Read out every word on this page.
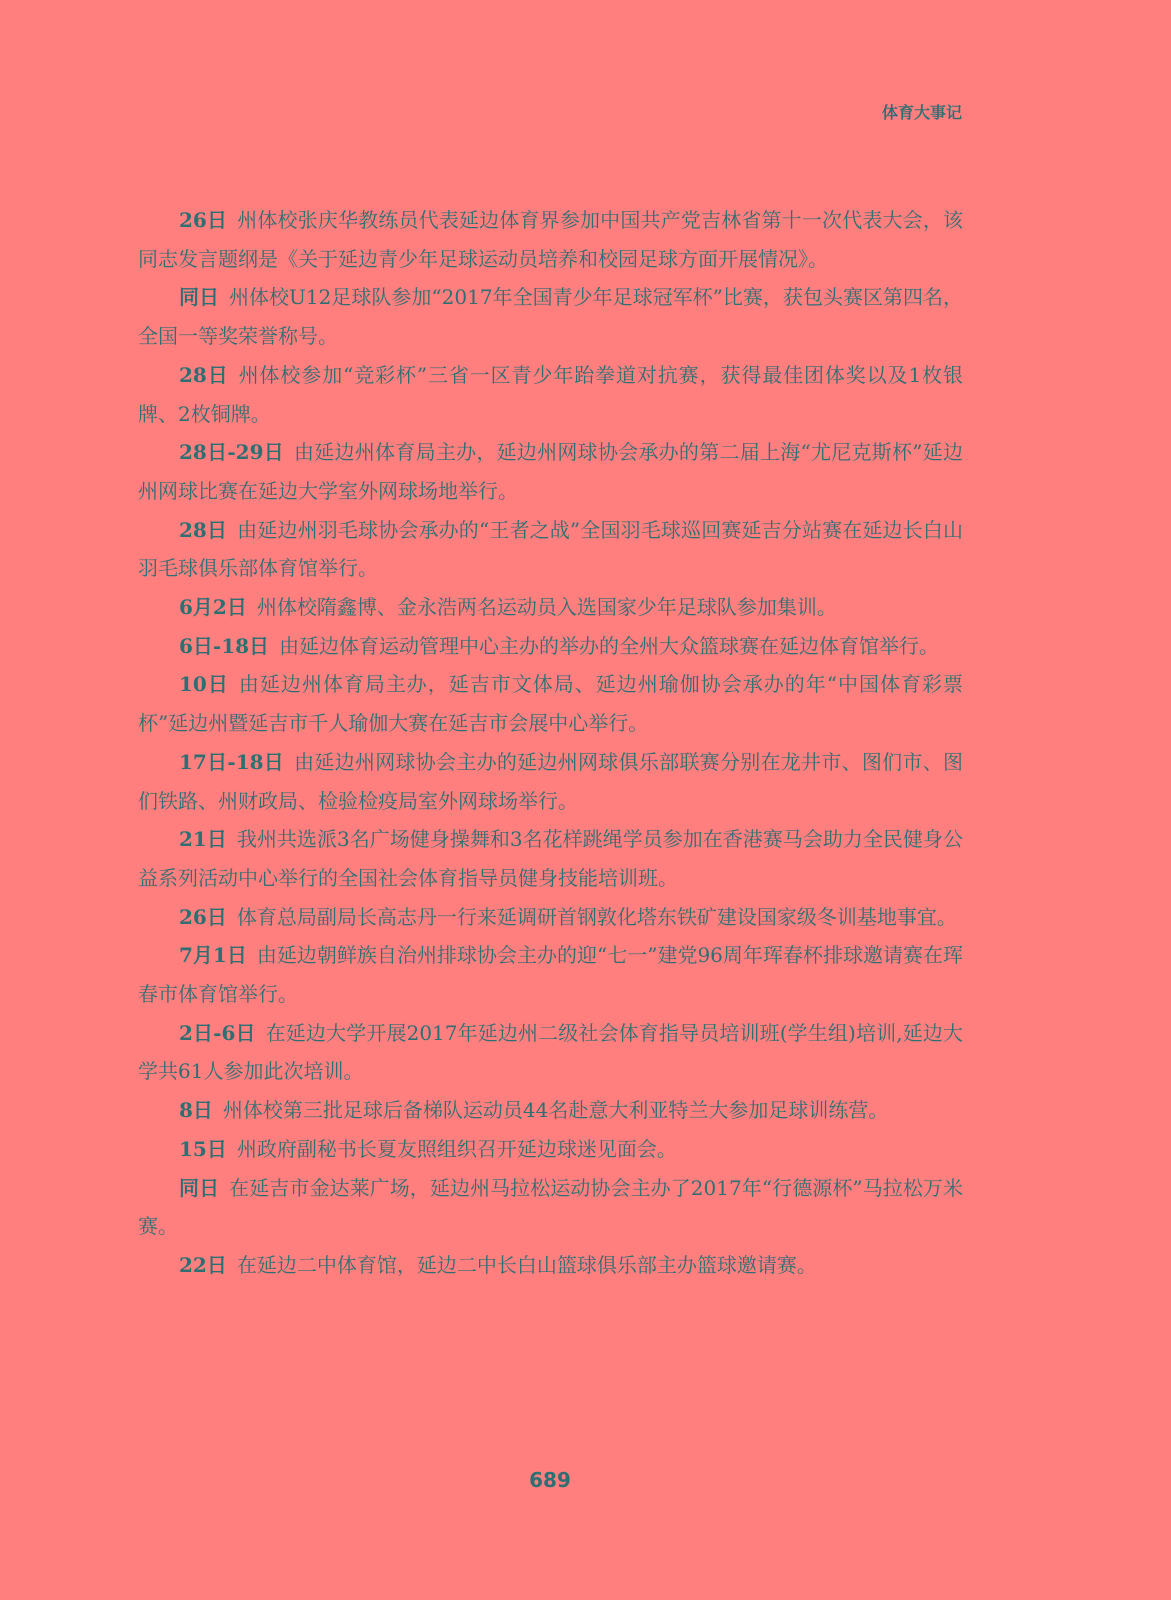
体育大事记

26日 州体校张庆华教练员代表延边体育界参加中国共产党吉林省第十一次代表大会，该同志发言题纲是《关于延边青少年足球运动员培养和校园足球方面开展情况》。

同日 州体校U12足球队参加“2017年全国青少年足球冠军杯”比赛，获包头赛区第四名，全国一等奖荣誉称号。

28日 州体校参加“竞彩杯”三省一区青少年跆拳道对抗赛，获得最佳团体奖以及1枚银牌、2枚铜牌。

28日-29日 由延边州体育局主办，延边州网球协会承办的第二届上海“尤尼克斯杯”延边州网球比赛在延边大学室外网球场地举行。

28日 由延边州羽毛球协会承办的“王者之战”全国羽毛球巡回赛延吉分站赛在延边长白山羽毛球俱乐部体育馆举行。

6月2日 州体校隋鑫博、金永浩两名运动员入选国家少年足球队参加集训。

6日-18日 由延边体育运动管理中心主办的举办的全州大众篮球赛在延边体育馆举行。

10日 由延边州体育局主办，延吉市文体局、延边州瑜伽协会承办的年“中国体育彩票杯”延边州暨延吉市千人瑜伽大赛在延吉市会展中心举行。

17日-18日 由延边州网球协会主办的延边州网球俱乐部联赛分别在龙井市、图们市、图们铁路、州财政局、检验检疫局室外网球场举行。

21日 我州共选派3名广场健身操舞和3名花样跳绳学员参加在香港赛马会助力全民健身公益系列活动中心举行的全国社会体育指导员健身技能培训班。

26日 体育总局副局长高志丹一行来延调研首钢敦化塔东铁矿建设国家级冬训基地事宜。

7月1日 由延边朝鲜族自治州排球协会主办的迎“七一”建党96周年珲春杯排球邀请赛在珲春市体育馆举行。

2日-6日 在延边大学开展2017年延边州二级社会体育指导员培训班(学生组)培训,延边大学共61人参加此次培训。

8日 州体校第三批足球后备梯队运动员44名赴意大利亚特兰大参加足球训练营。

15日 州政府副秘书长夏友照组织召开延边球迷见面会。

同日 在延吉市金达莱广场，延边州马拉松运动协会主办了2017年“行德源杯”马拉松万米赛。

22日 在延边二中体育馆，延边二中长白山篮球俱乐部主办篮球邀请赛。

689
